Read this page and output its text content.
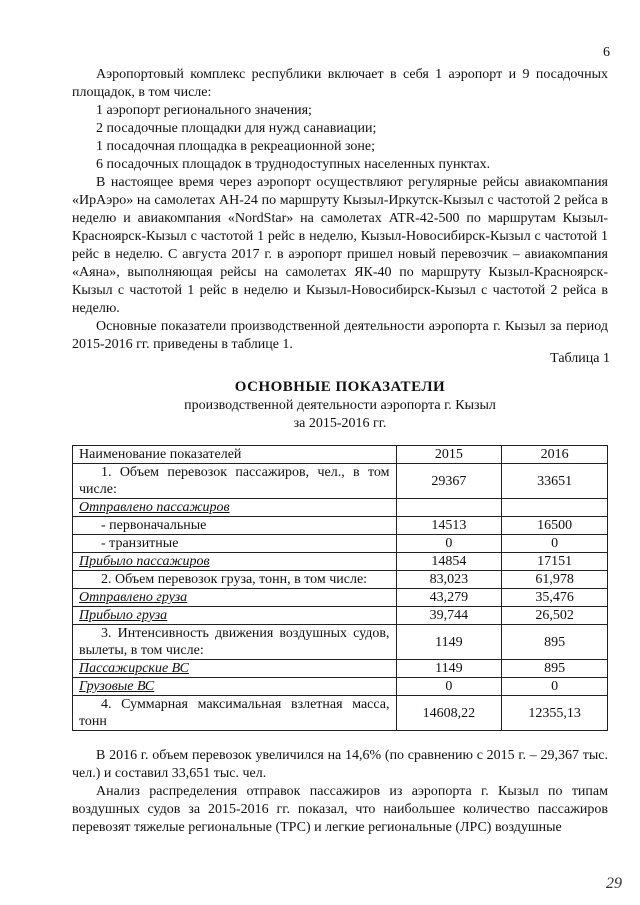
6

Аэропортовый комплекс республики включает в себя 1 аэропорт и 9 посадочных площадок, в том числе:

1 аэропорт регионального значения;

2 посадочные площадки для нужд санавиации;

1 посадочная площадка в рекреационной зоне;

6 посадочных площадок в труднодоступных населенных пунктах.

В настоящее время через аэропорт осуществляют регулярные рейсы авиакомпания «ИрАэро» на самолетах АН-24 по маршруту Кызыл-Иркутск-Кызыл с частотой 2 рейса в неделю и авиакомпания «NordStar» на самолетах ATR-42-500 по маршрутам Кызыл-Красноярск-Кызыл с частотой 1 рейс в неделю, Кызыл-Новосибирск-Кызыл с частотой 1 рейс в неделю. С августа 2017 г. в аэропорт пришел новый перевозчик – авиакомпания «Аяна», выполняющая рейсы на самолетах ЯК-40 по маршруту Кызыл-Красноярск-Кызыл с частотой 1 рейс в неделю и Кызыл-Новосибирск-Кызыл с частотой 2 рейса в неделю.

Основные показатели производственной деятельности аэропорта г. Кызыл за период 2015-2016 гг. приведены в таблице 1.

Таблица 1
ОСНОВНЫЕ ПОКАЗАТЕЛИ
производственной деятельности аэропорта г. Кызыл
за 2015-2016 гг.
Наименование показателей	2015	2016
1. Объем перевозок пассажиров, чел., в том числе:	29367	33651
Отправлено пассажиров		
- первоначальные	14513	16500
- транзитные	0	0
Прибыло пассажиров	14854	17151
2. Объем перевозок груза, тонн, в том числе:	83,023	61,978
Отправлено груза	43,279	35,476
Прибыло груза	39,744	26,502
3. Интенсивность движения воздушных судов, вылеты, в том числе:	1149	895
Пассажирские ВС	1149	895
Грузовые ВС	0	0
4. Суммарная максимальная взлетная масса, тонн	14608,22	12355,13

В 2016 г. объем перевозок увеличился на 14,6% (по сравнению с 2015 г. – 29,367 тыс. чел.) и составил 33,651 тыс. чел.

Анализ распределения отправок пассажиров из аэропорта г. Кызыл по типам воздушных судов за 2015-2016 гг. показал, что наибольшее количество пассажиров перевозят тяжелые региональные (ТРС) и легкие региональные (ЛРС) воздушные

29
